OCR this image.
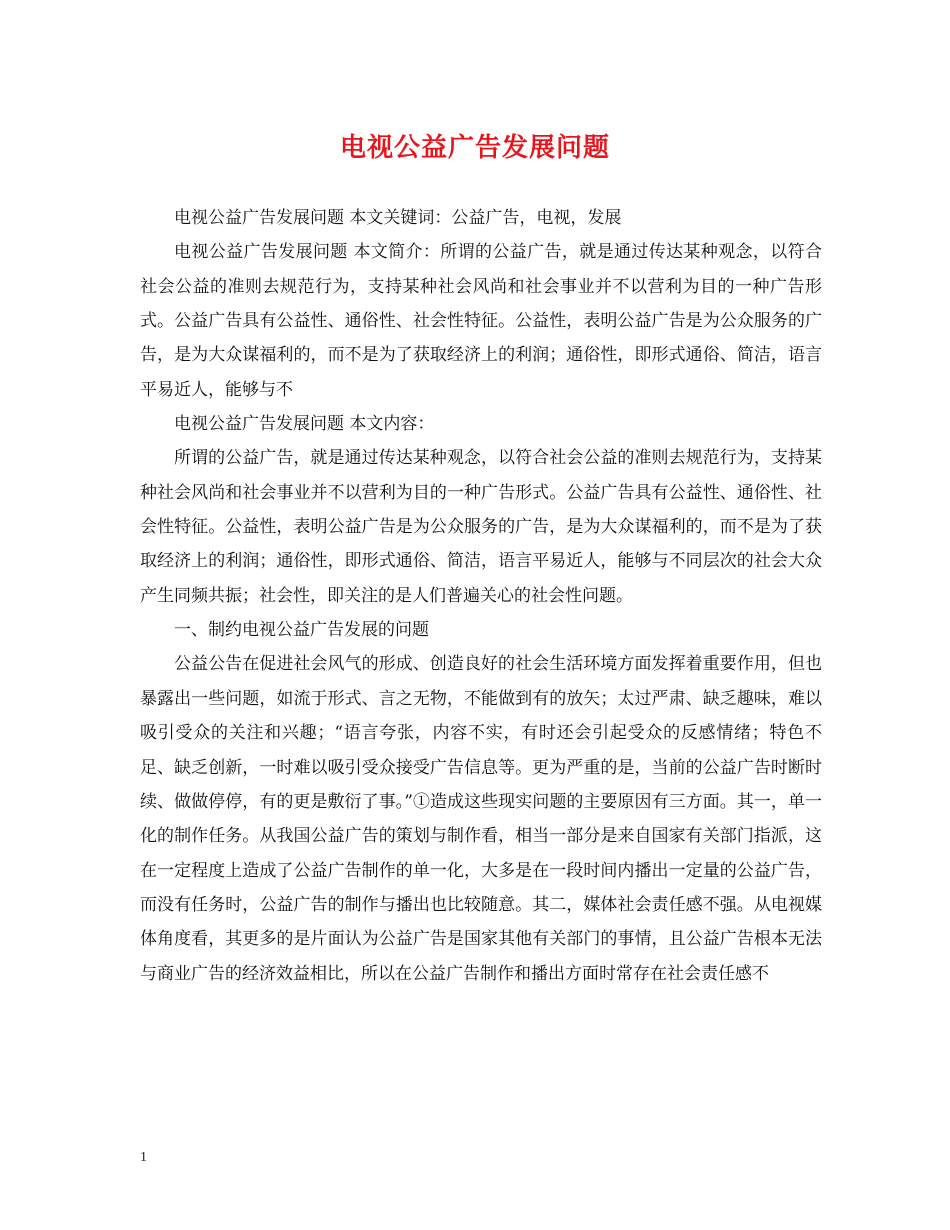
电视公益广告发展问题

电视公益广告发展问题 本文关键词：公益广告，电视，发展

电视公益广告发展问题 本文简介：所谓的公益广告，就是通过传达某种观念，以符合社会公益的准则去规范行为，支持某种社会风尚和社会事业并不以营利为目的一种广告形式。公益广告具有公益性、通俗性、社会性特征。公益性，表明公益广告是为公众服务的广告，是为大众谋福利的，而不是为了获取经济上的利润；通俗性，即形式通俗、简洁，语言平易近人，能够与不

电视公益广告发展问题 本文内容：

所谓的公益广告，就是通过传达某种观念，以符合社会公益的准则去规范行为，支持某种社会风尚和社会事业并不以营利为目的一种广告形式。公益广告具有公益性、通俗性、社会性特征。公益性，表明公益广告是为公众服务的广告，是为大众谋福利的，而不是为了获取经济上的利润；通俗性，即形式通俗、简洁，语言平易近人，能够与不同层次的社会大众产生同频共振；社会性，即关注的是人们普遍关心的社会性问题。

一、制约电视公益广告发展的问题

公益公告在促进社会风气的形成、创造良好的社会生活环境方面发挥着重要作用，但也暴露出一些问题，如流于形式、言之无物，不能做到有的放矢；太过严肃、缺乏趣味，难以吸引受众的关注和兴趣；“语言夸张，内容不实，有时还会引起受众的反感情绪；特色不足、缺乏创新，一时难以吸引受众接受广告信息等。更为严重的是，当前的公益广告时断时续、做做停停，有的更是敷衍了事。”①造成这些现实问题的主要原因有三方面。其一，单一化的制作任务。从我国公益广告的策划与制作看，相当一部分是来自国家有关部门指派，这在一定程度上造成了公益广告制作的单一化，大多是在一段时间内播出一定量的公益广告，而没有任务时，公益广告的制作与播出也比较随意。其二，媒体社会责任感不强。从电视媒体角度看，其更多的是片面认为公益广告是国家其他有关部门的事情，且公益广告根本无法与商业广告的经济效益相比，所以在公益广告制作和播出方面时常存在社会责任感不

1
